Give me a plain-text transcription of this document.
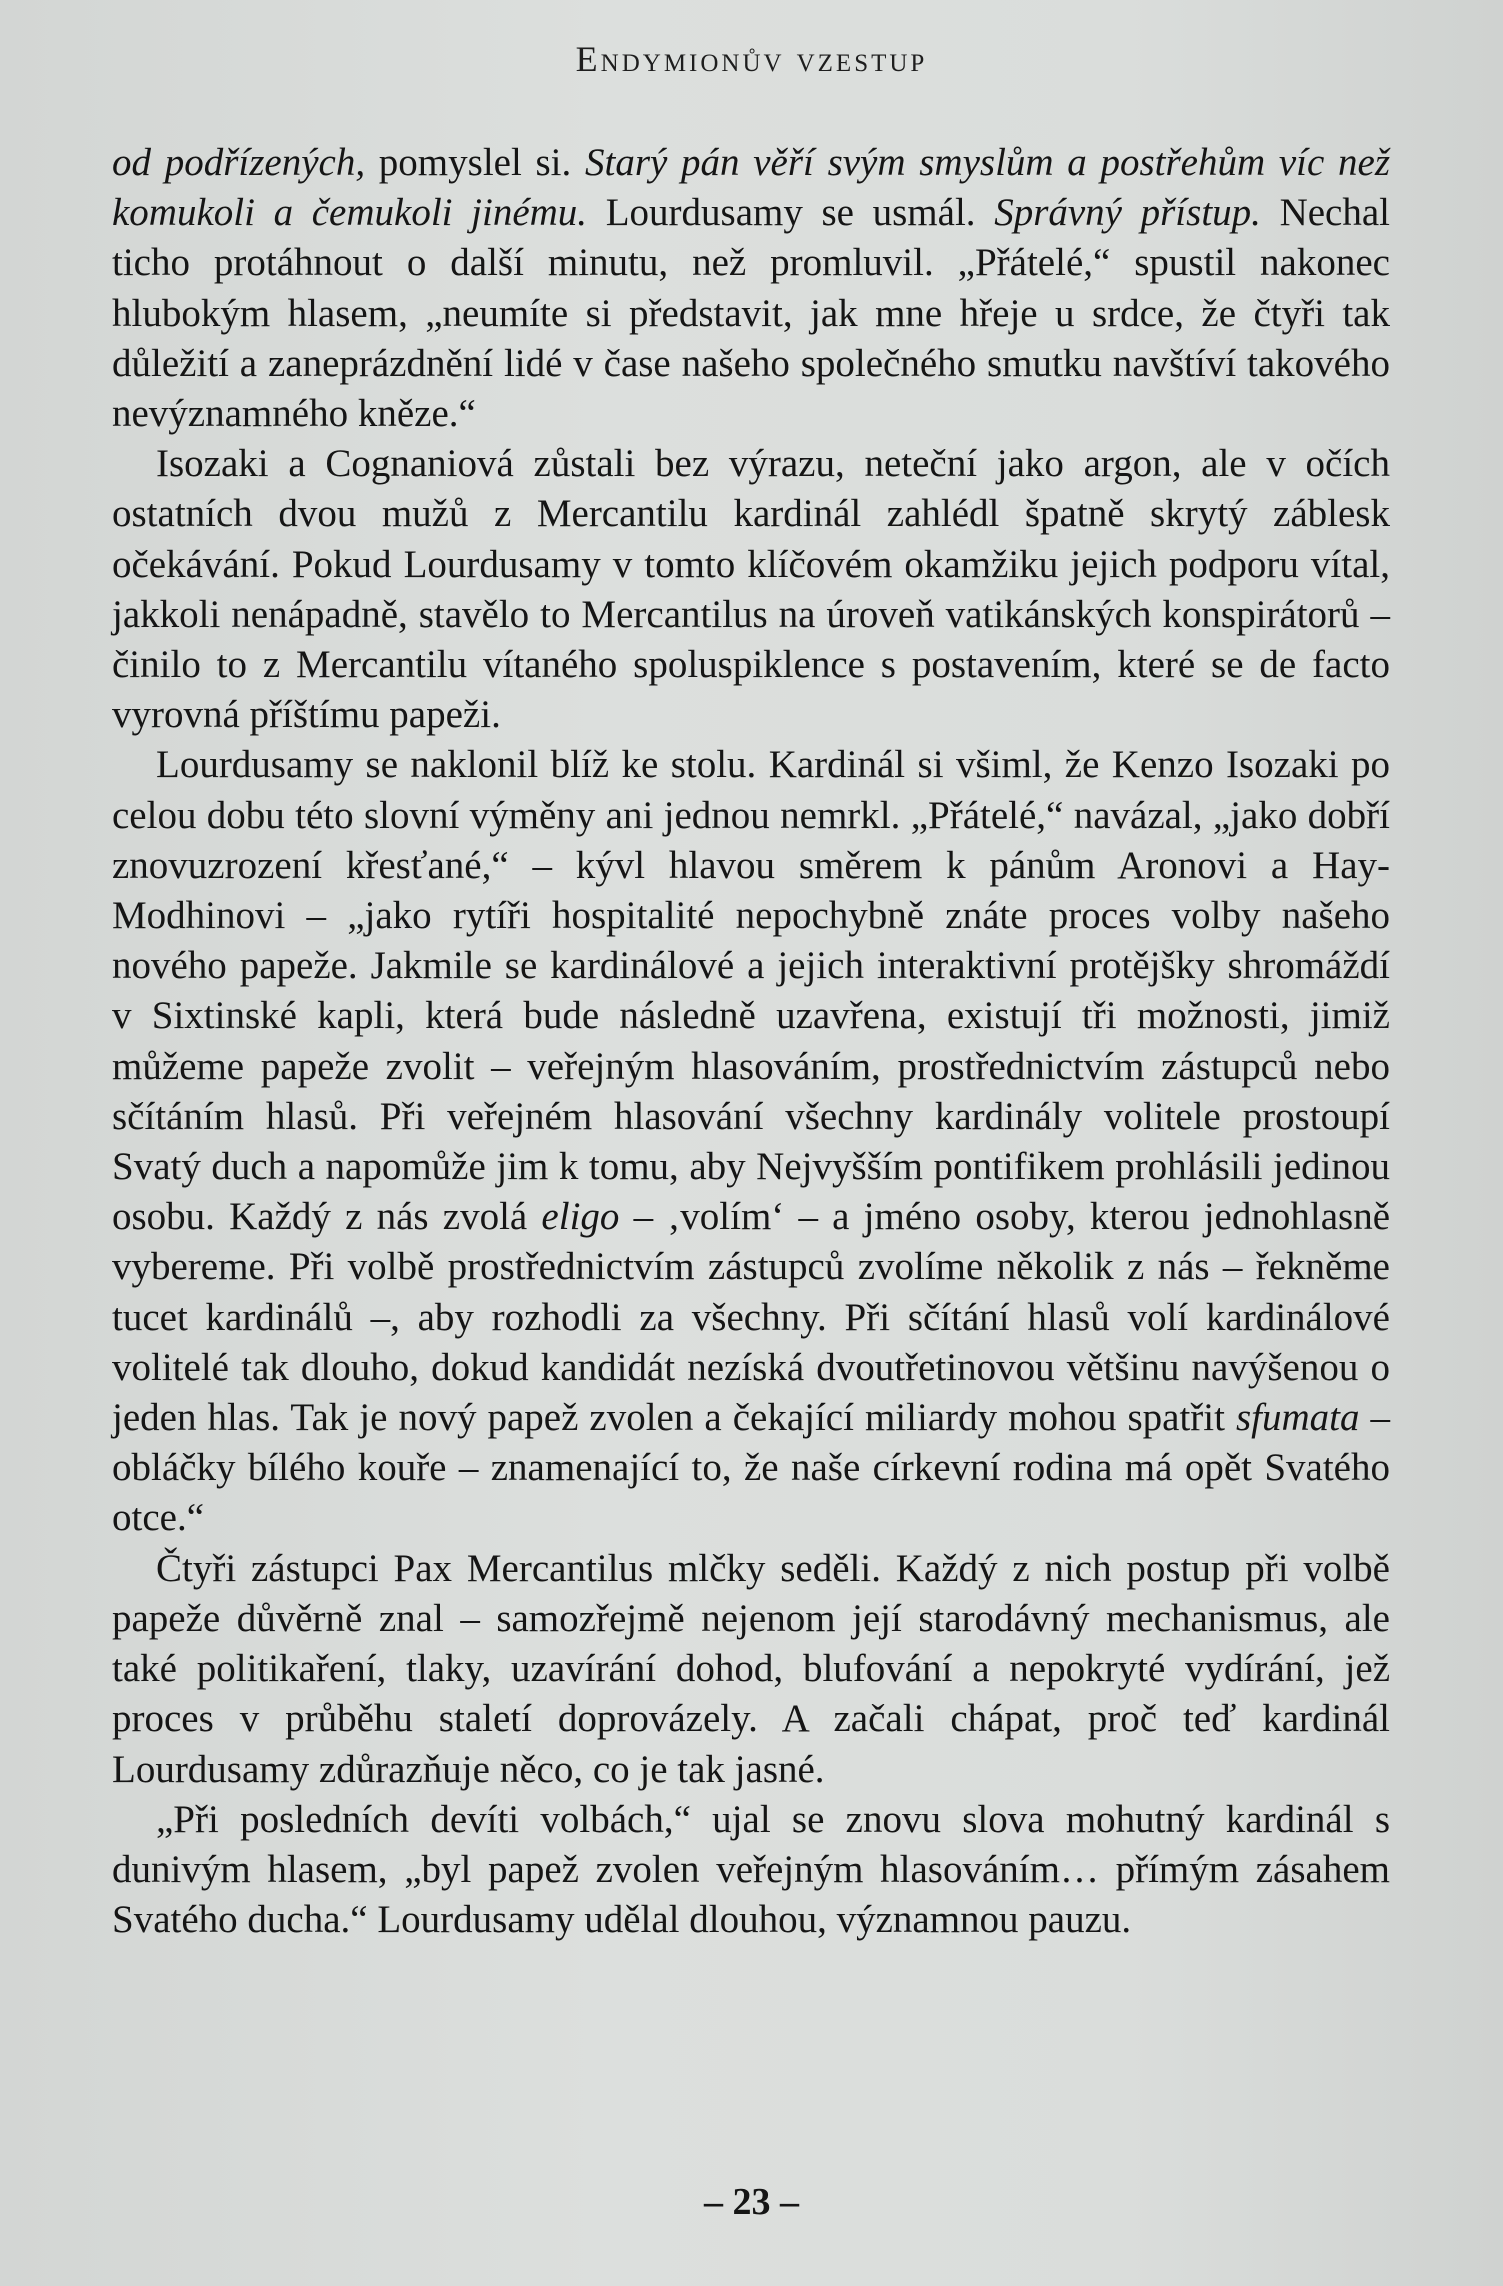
Endymionův vzestup

od podřízených, pomyslel si. Starý pán věří svým smyslům a postřehům víc než komukoli a čemukoli jinému. Lourdusamy se usmál. Správný přístup. Nechal ticho protáhnout o další minutu, než promluvil. „Přátelé,“ spustil nakonec hlubokým hlasem, „neumíte si představit, jak mne hřeje u srdce, že čtyři tak důležití a zaneprázdnění lidé v čase našeho společného smutku navštíví takového nevýznamného kněze.“

Isozaki a Cognaniová zůstali bez výrazu, neteční jako argon, ale v očích ostatních dvou mužů z Mercantilu kardinál zahlédl špatně skrytý záblesk očekávání. Pokud Lourdusamy v tomto klíčovém okamžiku jejich podporu vítal, jakkoli nenápadně, stavělo to Mercantilus na úroveň vatikánských konspirátorů – činilo to z Mercantilu vítaného spoluspiklence s postavením, které se de facto vyrovná příštímu papeži.

Lourdusamy se naklonil blíž ke stolu. Kardinál si všiml, že Kenzo Isozaki po celou dobu této slovní výměny ani jednou nemrkl. „Přátelé,“ navázal, „jako dobří znovuzrození křesťané,“ – kývl hlavou směrem k pánům Aronovi a Hay-Modhinovi – „jako rytíři hospitalité nepochybně znáte proces volby našeho nového papeže. Jakmile se kardinálové a jejich interaktivní protějšky shromáždí v Sixtinské kapli, která bude následně uzavřena, existují tři možnosti, jimiž můžeme papeže zvolit – veřejným hlasováním, prostřednictvím zástupců nebo sčítáním hlasů. Při veřejném hlasování všechny kardinály volitele prostoupí Svatý duch a napomůže jim k tomu, aby Nejvyšším pontifikem prohlásili jedinou osobu. Každý z nás zvolá eligo – ‚volím‘ – a jméno osoby, kterou jednohlasně vybereme. Při volbě prostřednictvím zástupců zvolíme několik z nás – řekněme tucet kardinálů –, aby rozhodli za všechny. Při sčítání hlasů volí kardinálové volitelé tak dlouho, dokud kandidát nezíská dvoutřetinovou většinu navýšenou o jeden hlas. Tak je nový papež zvolen a čekající miliardy mohou spatřit sfumata – obláčky bílého kouře – znamenající to, že naše církevní rodina má opět Svatého otce.“

Čtyři zástupci Pax Mercantilus mlčky seděli. Každý z nich postup při volbě papeže důvěrně znal – samozřejmě nejenom její starodávný mechanismus, ale také politikaření, tlaky, uzavírání dohod, blufování a nepokryté vydírání, jež proces v průběhu staletí doprovázely. A začali chápat, proč teď kardinál Lourdusamy zdůrazňuje něco, co je tak jasné.

„Při posledních devíti volbách,“ ujal se znovu slova mohutný kardinál s dunivým hlasem, „byl papež zvolen veřejným hlasováním… přímým zásahem Svatého ducha.“ Lourdusamy udělal dlouhou, významnou pauzu.

– 23 –
